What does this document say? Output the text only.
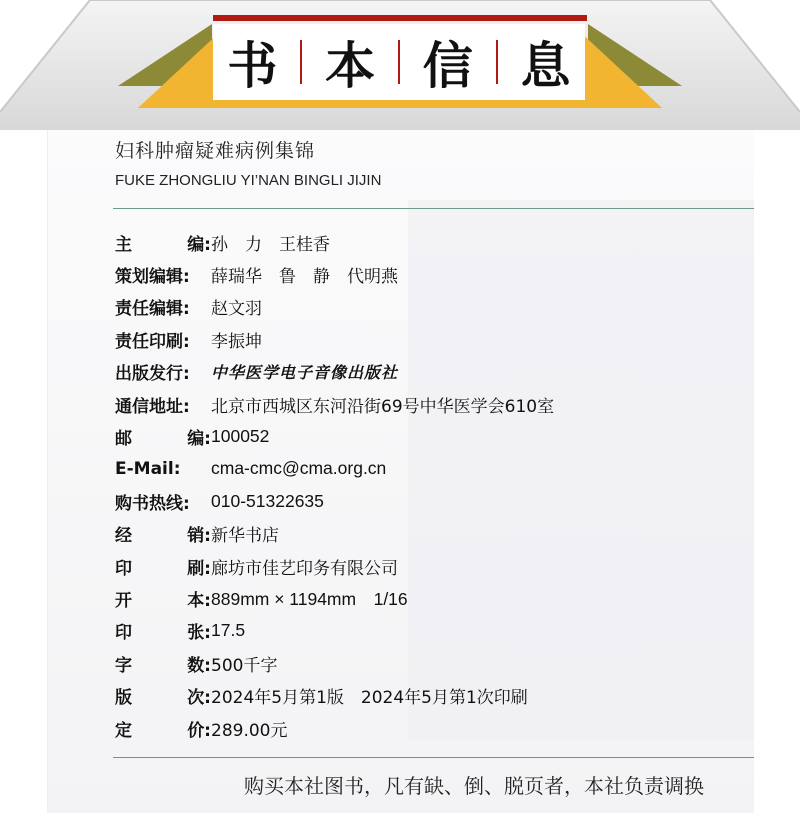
书 本 信 息
妇科肿瘤疑难病例集锦
FUKE ZHONGLIU YI’NAN BINGLI JIJIN
主	编: 孙　力　王桂香
策划编辑:	薛瑞华　鲁　静　代明燕
责任编辑:	赵文羽
责任印刷:	李振坤
出版发行:	中华医学电子音像出版社
通信地址:	北京市西城区东河沿街69号中华医学会610室
邮	编: 100052
E-Mail:	cma-cmc@cma.org.cn
购书热线:	010-51322635
经	销: 新华书店
印	刷: 廊坊市佳艺印务有限公司
开	本: 889mm × 1194mm　1/16
印	张: 17.5
字	数: 500千字
版	次: 2024年5月第1版　2024年5月第1次印刷
定	价: 289.00元
购买本社图书，凡有缺、倒、脱页者，本社负责调换
